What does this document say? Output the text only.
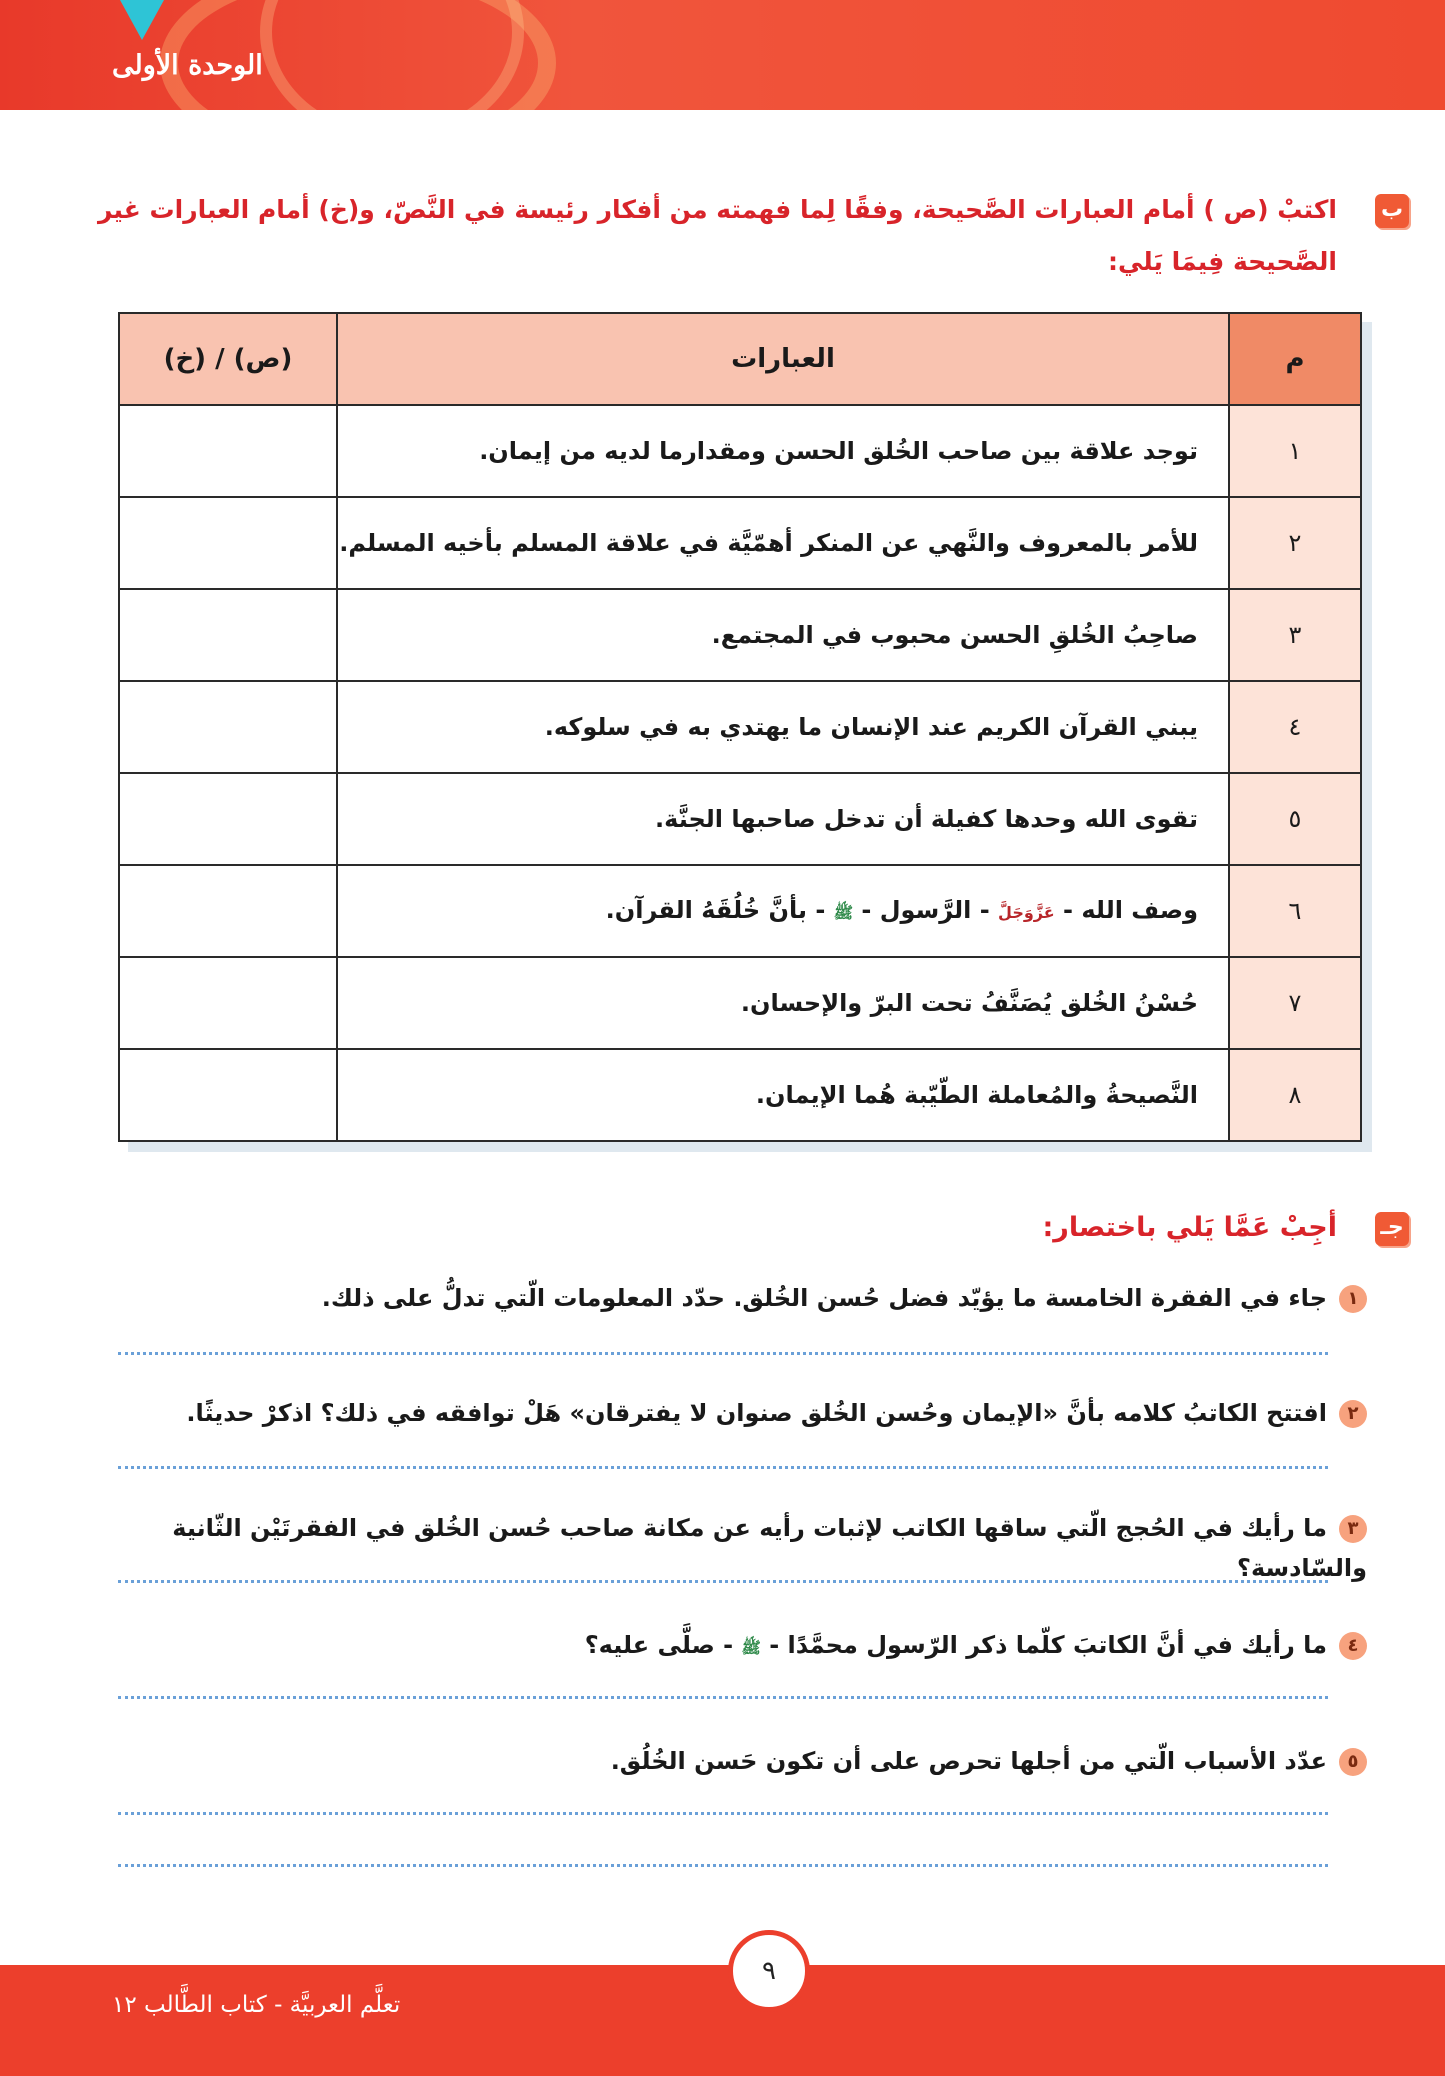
الوحدة الأولى
ب
اكتبْ (ص ) أمام العبارات الصَّحيحة، وفقًا لِما فهمته من أفكار رئيسة في النَّصّ، و(خ) أمام العبارات غير الصَّحيحة فِيمَا يَلي:
م	العبارات	(ص) / (خ)
١	توجد علاقة بين صاحب الخُلق الحسن ومقدارما لديه من إيمان.	
٢	للأمر بالمعروف والنَّهي عن المنكر أهمّيَّة في علاقة المسلم بأخيه المسلم.	
٣	صاحِبُ الخُلقِ الحسن محبوب في المجتمع.	
٤	يبني القرآن الكريم عند الإنسان ما يهتدي به في سلوكه.	
٥	تقوى الله وحدها كفيلة أن تدخل صاحبها الجنَّة.	
٦	وصف الله - عَزَّوَجَلَّ - الرَّسول - ﷺ - بأنَّ خُلُقَهُ القرآن.	
٧	حُسْنُ الخُلق يُصَنَّفُ تحت البرّ والإحسان.	
٨	النَّصيحةُ والمُعاملة الطّيّبة هُما الإيمان.	
جـ
أجِبْ عَمَّا يَلي باختصار:
١جاء في الفقرة الخامسة ما يؤيّد فضل حُسن الخُلق. حدّد المعلومات الّتي تدلُّ على ذلك.
٢افتتح الكاتبُ كلامه بأنَّ «الإيمان وحُسن الخُلق صنوان لا يفترقان» هَلْ توافقه في ذلك؟ اذكرْ حديثًا.
٣ما رأيك في الحُجج الّتي ساقها الكاتب لإثبات رأيه عن مكانة صاحب حُسن الخُلق في الفقرتَيْن الثّانية والسّادسة؟
٤ما رأيك في أنَّ الكاتبَ كلّما ذكر الرّسول محمَّدًا - ﷺ - صلَّى عليه؟
٥عدّد الأسباب الّتي من أجلها تحرص على أن تكون حَسن الخُلُق.
٩
تعلَّم العربيَّة - كتاب الطَّالب ١٢
